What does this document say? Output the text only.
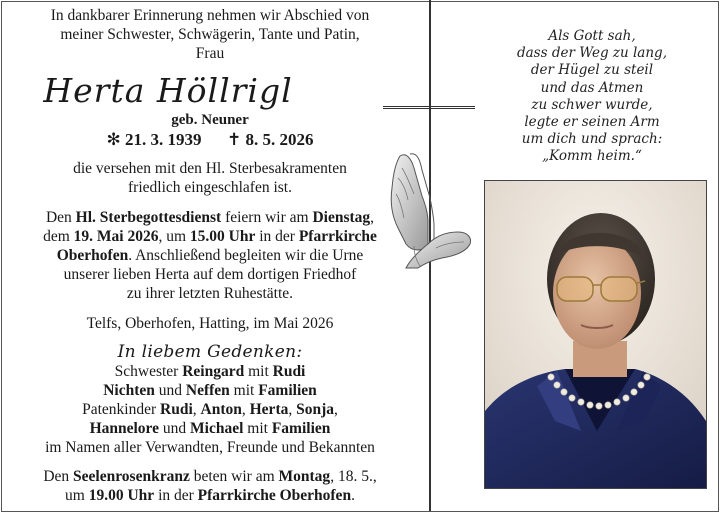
In dankbarer Erinnerung nehmen wir Abschied von

meiner Schwester, Schwägerin, Tante und Patin,

Frau

Herta Höllrigl

geb. Neuner

✻ 21. 3. 1939 ✝ 8. 5. 2026

die versehen mit den Hl. Sterbesakramenten

friedlich eingeschlafen ist.

Den Hl. Sterbegottesdienst feiern wir am Dienstag,

dem 19. Mai 2026, um 15.00 Uhr in der Pfarrkirche

Oberhofen. Anschließend begleiten wir die Urne

unserer lieben Herta auf dem dortigen Friedhof

zu ihrer letzten Ruhestätte.

Telfs, Oberhofen, Hatting, im Mai 2026

In liebem Gedenken:

Schwester Reingard mit Rudi

Nichten und Neffen mit Familien

Patenkinder Rudi, Anton, Herta, Sonja,

Hannelore und Michael mit Familien

im Namen aller Verwandten, Freunde und Bekannten

Den Seelenrosenkranz beten wir am Montag, 18. 5.,

um 19.00 Uhr in der Pfarrkirche Oberhofen.

Als Gott sah,

dass der Weg zu lang,

der Hügel zu steil

und das Atmen

zu schwer wurde,

legte er seinen Arm

um dich und sprach:

„Komm heim.“
